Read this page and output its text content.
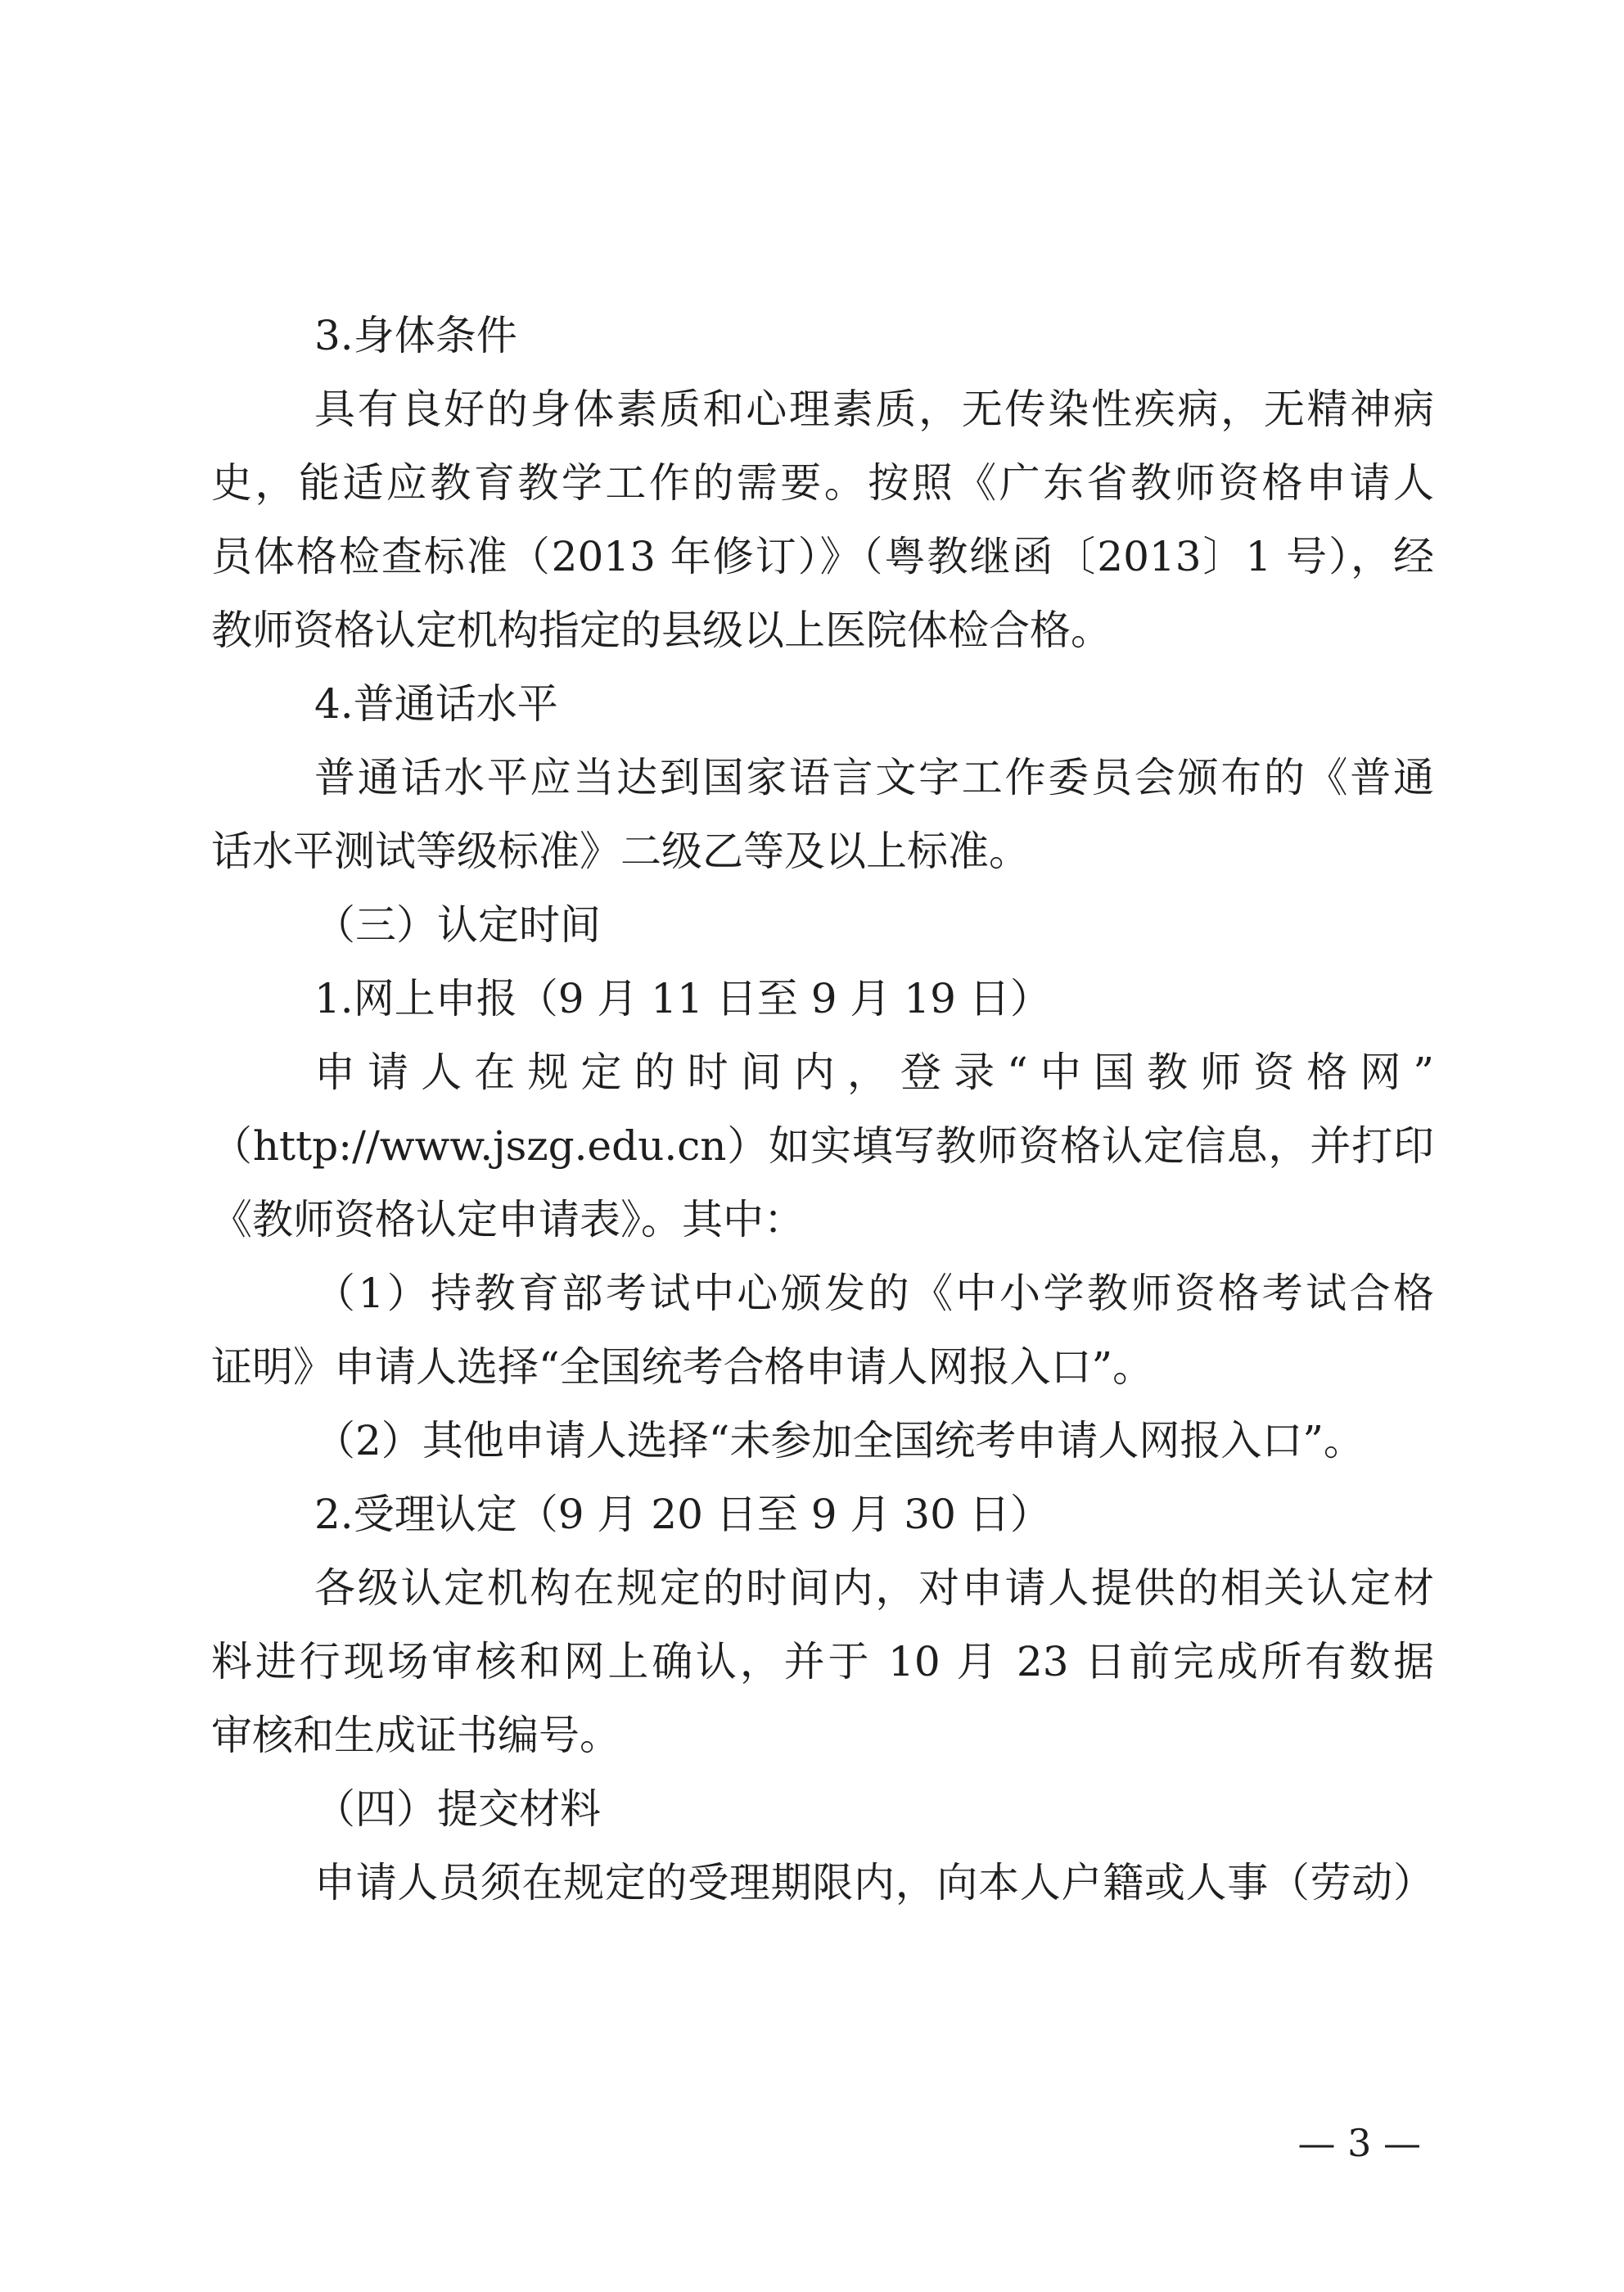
3.身体条件
具有良好的身体素质和心理素质，无传染性疾病，无精神病
史，能适应教育教学工作的需要。按照《广东省教师资格申请人
员体格检查标准（2013 年修订）》（粤教继函〔2013〕1 号），经
教师资格认定机构指定的县级以上医院体检合格。
4.普通话水平
普通话水平应当达到国家语言文字工作委员会颁布的《普通
话水平测试等级标准》二级乙等及以上标准。
（三）认定时间
1.网上申报（9 月 11 日至 9 月 19 日）
申请人在规定的时间内，登录“中国教师资格网”
（http://www.jszg.edu.cn）如实填写教师资格认定信息，并打印
《教师资格认定申请表》。其中：
（1）持教育部考试中心颁发的《中小学教师资格考试合格
证明》申请人选择“全国统考合格申请人网报入口”。
（2）其他申请人选择“未参加全国统考申请人网报入口”。
2.受理认定（9 月 20 日至 9 月 30 日）
各级认定机构在规定的时间内，对申请人提供的相关认定材
料进行现场审核和网上确认，并于 10 月 23 日前完成所有数据
审核和生成证书编号。
（四）提交材料
申请人员须在规定的受理期限内，向本人户籍或人事（劳动）
— 3 —
